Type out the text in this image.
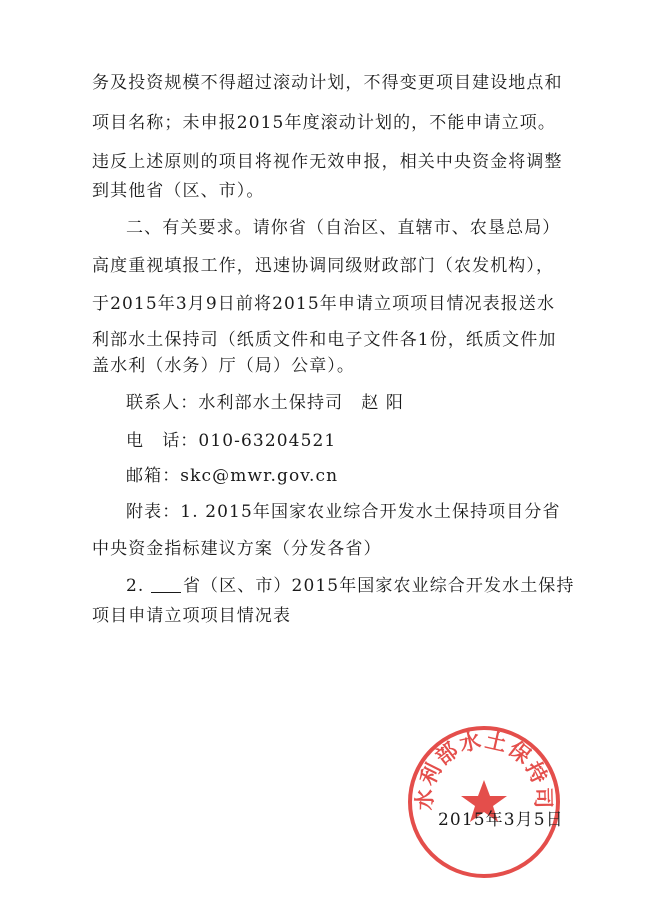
务及投资规模不得超过滚动计划，不得变更项目建设地点和
项目名称；未申报2015年度滚动计划的，不能申请立项。
违反上述原则的项目将视作无效申报，相关中央资金将调整
到其他省（区、市）。
二、有关要求。请你省（自治区、直辖市、农垦总局）
高度重视填报工作，迅速协调同级财政部门（农发机构），
于2015年3月9日前将2015年申请立项项目情况表报送水
利部水土保持司（纸质文件和电子文件各1份，纸质文件加
盖水利（水务）厅（局）公章）。
联系人：水利部水土保持司　赵 阳
电　话：010-63204521
邮箱：skc@mwr.gov.cn
附表：1. 2015年国家农业综合开发水土保持项目分省
中央资金指标建议方案（分发各省）
2. 省（区、市）2015年国家农业综合开发水土保持
项目申请立项项目情况表
水利部水土保持司
2015年3月5日
